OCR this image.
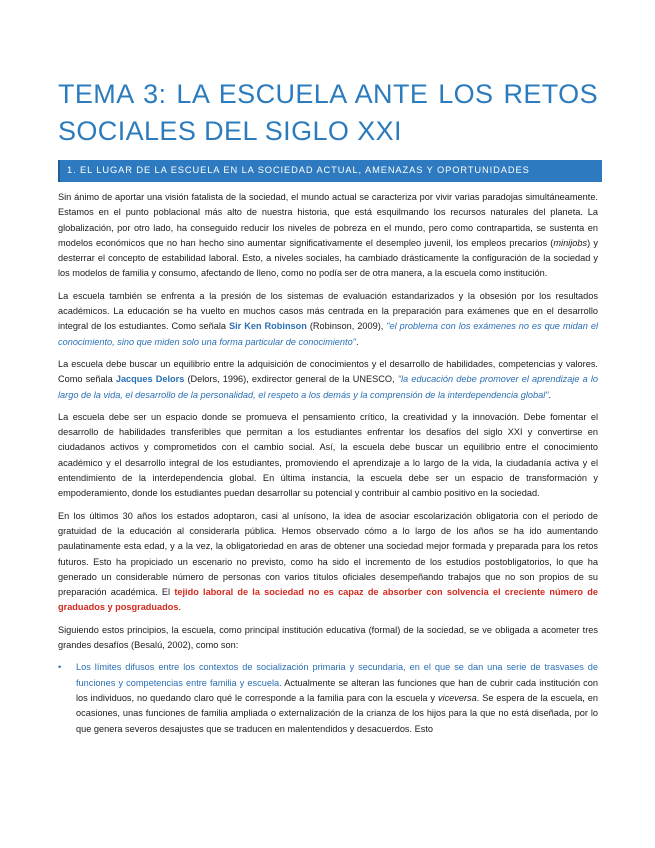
TEMA 3: LA ESCUELA ANTE LOS RETOS
SOCIALES DEL SIGLO XXI
1. EL LUGAR DE LA ESCUELA EN LA SOCIEDAD ACTUAL, AMENAZAS Y OPORTUNIDADES

Sin ánimo de aportar una visión fatalista de la sociedad, el mundo actual se caracteriza por vivir varias paradojas simultáneamente. Estamos en el punto poblacional más alto de nuestra historia, que está esquilmando los recursos naturales del planeta. La globalización, por otro lado, ha conseguido reducir los niveles de pobreza en el mundo, pero como contrapartida, se sustenta en modelos económicos que no han hecho sino aumentar significativamente el desempleo juvenil, los empleos precarios (minijobs) y desterrar el concepto de estabilidad laboral. Esto, a niveles sociales, ha cambiado drásticamente la configuración de la sociedad y los modelos de familia y consumo, afectando de lleno, como no podía ser de otra manera, a la escuela como institución.

La escuela también se enfrenta a la presión de los sistemas de evaluación estandarizados y la obsesión por los resultados académicos. La educación se ha vuelto en muchos casos más centrada en la preparación para exámenes que en el desarrollo integral de los estudiantes. Como señala Sir Ken Robinson (Robinson, 2009), "el problema con los exámenes no es que midan el conocimiento, sino que miden solo una forma particular de conocimiento".

La escuela debe buscar un equilibrio entre la adquisición de conocimientos y el desarrollo de habilidades, competencias y valores. Como señala Jacques Delors (Delors, 1996), exdirector general de la UNESCO, "la educación debe promover el aprendizaje a lo largo de la vida, el desarrollo de la personalidad, el respeto a los demás y la comprensión de la interdependencia global".

La escuela debe ser un espacio donde se promueva el pensamiento crítico, la creatividad y la innovación. Debe fomentar el desarrollo de habilidades transferibles que permitan a los estudiantes enfrentar los desafíos del siglo XXI y convertirse en ciudadanos activos y comprometidos con el cambio social. Así, la escuela debe buscar un equilibrio entre el conocimiento académico y el desarrollo integral de los estudiantes, promoviendo el aprendizaje a lo largo de la vida, la ciudadanía activa y el entendimiento de la interdependencia global. En última instancia, la escuela debe ser un espacio de transformación y empoderamiento, donde los estudiantes puedan desarrollar su potencial y contribuir al cambio positivo en la sociedad.

En los últimos 30 años los estados adoptaron, casi al unísono, la idea de asociar escolarización obligatoria con el periodo de gratuidad de la educación al considerarla pública. Hemos observado cómo a lo largo de los años se ha ido aumentando paulatinamente esta edad, y a la vez, la obligatoriedad en aras de obtener una sociedad mejor formada y preparada para los retos futuros. Esto ha propiciado un escenario no previsto, como ha sido el incremento de los estudios postobligatorios, lo que ha generado un considerable número de personas con varios títulos oficiales desempeñando trabajos que no son propios de su preparación académica. El tejido laboral de la sociedad no es capaz de absorber con solvencia el creciente número de graduados y posgraduados.

Siguiendo estos principios, la escuela, como principal institución educativa (formal) de la sociedad, se ve obligada a acometer tres grandes desafíos (Besalú, 2002), como son:

• Los límites difusos entre los contextos de socialización primaria y secundaria, en el que se dan una serie de trasvases de funciones y competencias entre familia y escuela. Actualmente se alteran las funciones que han de cubrir cada institución con los individuos, no quedando claro qué le corresponde a la familia para con la escuela y viceversa. Se espera de la escuela, en ocasiones, unas funciones de familia ampliada o externalización de la crianza de los hijos para la que no está diseñada, por lo que genera severos desajustes que se traducen en malentendidos y desacuerdos. Esto
